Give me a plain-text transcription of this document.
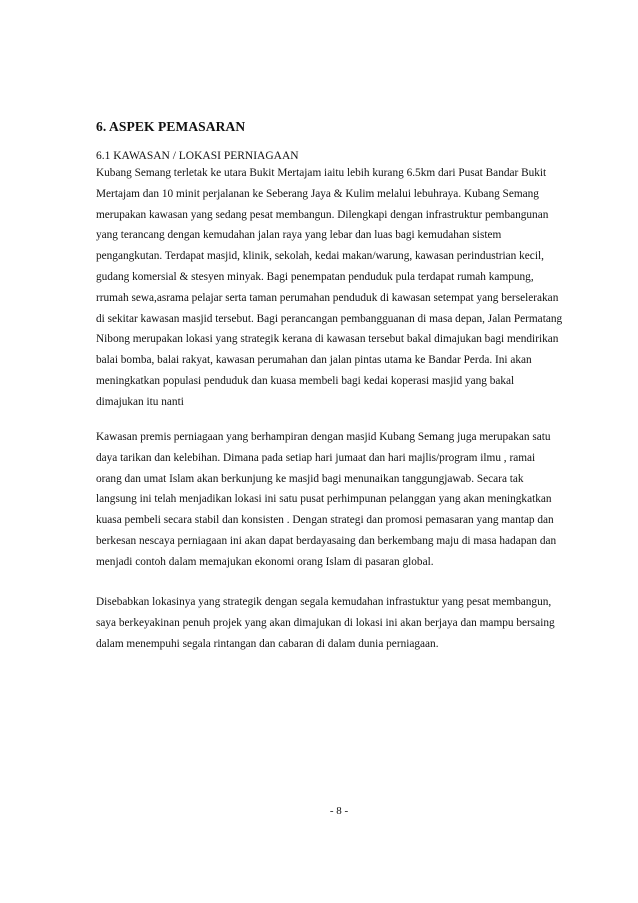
6. ASPEK PEMASARAN
6.1 KAWASAN / LOKASI PERNIAGAAN
Kubang Semang terletak ke utara Bukit Mertajam iaitu lebih kurang 6.5km dari Pusat Bandar Bukit
Mertajam dan 10 minit perjalanan ke Seberang Jaya & Kulim melalui lebuhraya. Kubang Semang
merupakan kawasan yang sedang pesat membangun. Dilengkapi dengan infrastruktur pembangunan
yang terancang dengan kemudahan jalan raya yang lebar dan luas bagi kemudahan sistem
pengangkutan. Terdapat masjid, klinik, sekolah, kedai makan/warung, kawasan perindustrian kecil,
gudang komersial & stesyen minyak. Bagi penempatan penduduk pula terdapat rumah kampung,
rrumah sewa,asrama pelajar serta taman perumahan penduduk di kawasan setempat yang berselerakan
di sekitar kawasan masjid tersebut. Bagi perancangan pembangguanan di masa depan, Jalan Permatang
Nibong merupakan lokasi yang strategik kerana di kawasan tersebut bakal dimajukan bagi mendirikan
balai bomba, balai rakyat, kawasan perumahan dan jalan pintas utama ke Bandar Perda. Ini akan
meningkatkan populasi penduduk dan kuasa membeli bagi kedai koperasi masjid yang bakal
dimajukan itu nanti
Kawasan premis perniagaan yang berhampiran dengan masjid Kubang Semang juga merupakan satu
daya tarikan dan kelebihan. Dimana pada setiap hari jumaat dan hari majlis/program ilmu , ramai
orang dan umat Islam akan berkunjung ke masjid bagi menunaikan tanggungjawab. Secara tak
langsung ini telah menjadikan lokasi ini satu pusat perhimpunan pelanggan yang akan meningkatkan
kuasa pembeli secara stabil dan konsisten . Dengan strategi dan promosi pemasaran yang mantap dan
berkesan nescaya perniagaan ini akan dapat berdayasaing dan berkembang maju di masa hadapan dan
menjadi contoh dalam memajukan ekonomi orang Islam di pasaran global.
Disebabkan lokasinya yang strategik dengan segala kemudahan infrastuktur yang pesat membangun,
saya berkeyakinan penuh projek yang akan dimajukan di lokasi ini akan berjaya dan mampu bersaing
dalam menempuhi segala rintangan dan cabaran di dalam dunia perniagaan.
- 8 -
